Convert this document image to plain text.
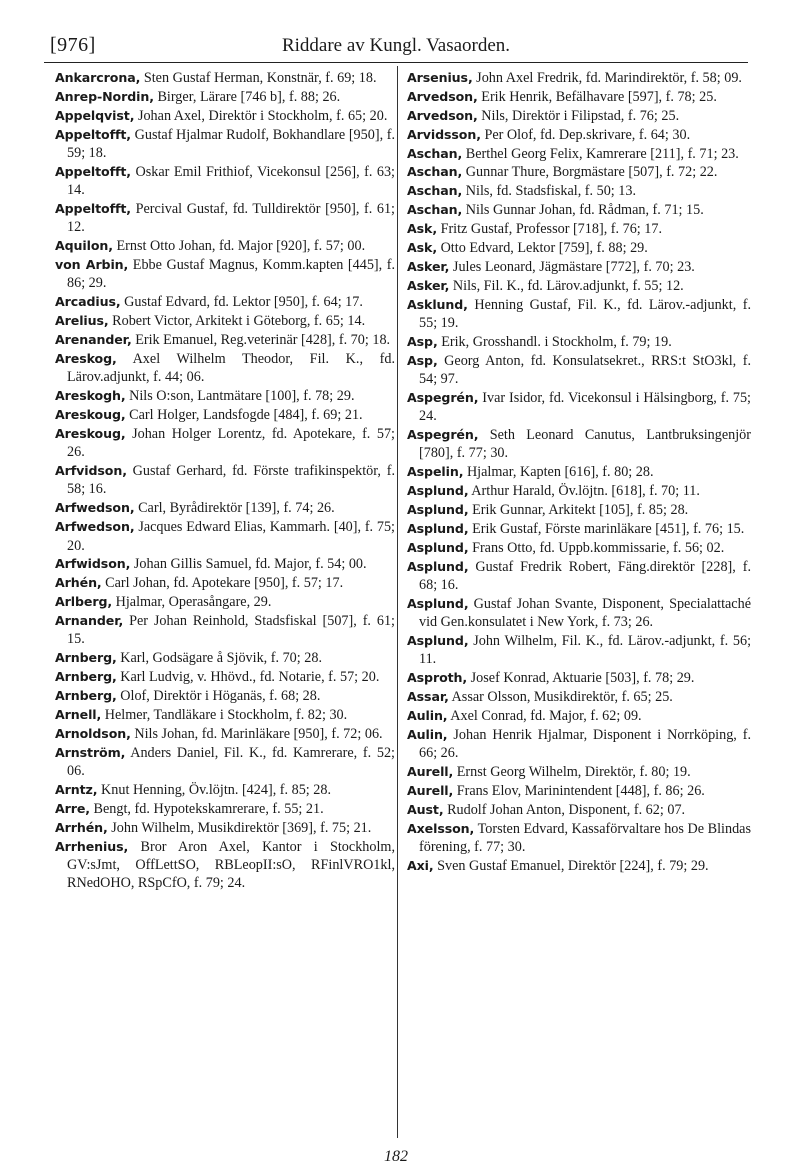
[976]	Riddare av Kungl. Vasaorden.
Ankarcrona, Sten Gustaf Herman, Konstnär, f. 69; 18.
Anrep-Nordin, Birger, Lärare [746 b], f. 88; 26.
Appelqvist, Johan Axel, Direktör i Stockholm, f. 65; 20.
Appeltofft, Gustaf Hjalmar Rudolf, Bokhandlare [950], f. 59; 18.
Appeltofft, Oskar Emil Frithiof, Vicekonsul [256], f. 63; 14.
Appeltofft, Percival Gustaf, fd. Tulldirektör [950], f. 61; 12.
Aquilon, Ernst Otto Johan, fd. Major [920], f. 57; 00.
von Arbin, Ebbe Gustaf Magnus, Komm.kapten [445], f. 86; 29.
Arcadius, Gustaf Edvard, fd. Lektor [950], f. 64; 17.
Arelius, Robert Victor, Arkitekt i Göteborg, f. 65; 14.
Arenander, Erik Emanuel, Reg.veterinär [428], f. 70; 18.
Areskog, Axel Wilhelm Theodor, Fil. K., fd. Lärov.adjunkt, f. 44; 06.
Areskogh, Nils O:son, Lantmätare [100], f. 78; 29.
Areskoug, Carl Holger, Landsfogde [484], f. 69; 21.
Areskoug, Johan Holger Lorentz, fd. Apotekare, f. 57; 26.
Arfvidson, Gustaf Gerhard, fd. Förste trafikinspektör, f. 58; 16.
Arfwedson, Carl, Byrådirektör [139], f. 74; 26.
Arfwedson, Jacques Edward Elias, Kammarh. [40], f. 75; 20.
Arfwidson, Johan Gillis Samuel, fd. Major, f. 54; 00.
Arhén, Carl Johan, fd. Apotekare [950], f. 57; 17.
Arlberg, Hjalmar, Operasångare, 29.
Arnander, Per Johan Reinhold, Stadsfiskal [507], f. 61; 15.
Arnberg, Karl, Godsägare å Sjövik, f. 70; 28.
Arnberg, Karl Ludvig, v. Hhövd., fd. Notarie, f. 57; 20.
Arnberg, Olof, Direktör i Höganäs, f. 68; 28.
Arnell, Helmer, Tandläkare i Stockholm, f. 82; 30.
Arnoldson, Nils Johan, fd. Marinläkare [950], f. 72; 06.
Arnström, Anders Daniel, Fil. K., fd. Kamrerare, f. 52; 06.
Arntz, Knut Henning, Öv.löjtn. [424], f. 85; 28.
Arre, Bengt, fd. Hypotekskamrerare, f. 55; 21.
Arrhén, John Wilhelm, Musikdirektör [369], f. 75; 21.
Arrhenius, Bror Aron Axel, Kantor i Stockholm, GV:sJmt, OffLettSO, RBLeopII:sO, RFinlVRO1kl, RNedOHO, RSpCfO, f. 79; 24.
Arsenius, John Axel Fredrik, fd. Marindirektör, f. 58; 09.
Arvedson, Erik Henrik, Befälhavare [597], f. 78; 25.
Arvedson, Nils, Direktör i Filipstad, f. 76; 25.
Arvidsson, Per Olof, fd. Dep.skrivare, f. 64; 30.
Aschan, Berthel Georg Felix, Kamrerare [211], f. 71; 23.
Aschan, Gunnar Thure, Borgmästare [507], f. 72; 22.
Aschan, Nils, fd. Stadsfiskal, f. 50; 13.
Aschan, Nils Gunnar Johan, fd. Rådman, f. 71; 15.
Ask, Fritz Gustaf, Professor [718], f. 76; 17.
Ask, Otto Edvard, Lektor [759], f. 88; 29.
Asker, Jules Leonard, Jägmästare [772], f. 70; 23.
Asker, Nils, Fil. K., fd. Lärov.adjunkt, f. 55; 12.
Asklund, Henning Gustaf, Fil. K., fd. Lärov.-adjunkt, f. 55; 19.
Asp, Erik, Grosshandl. i Stockholm, f. 79; 19.
Asp, Georg Anton, fd. Konsulatsekret., RRS:t StO3kl, f. 54; 97.
Aspegrén, Ivar Isidor, fd. Vicekonsul i Hälsingborg, f. 75; 24.
Aspegrén, Seth Leonard Canutus, Lantbruksingenjör [780], f. 77; 30.
Aspelin, Hjalmar, Kapten [616], f. 80; 28.
Asplund, Arthur Harald, Öv.löjtn. [618], f. 70; 11.
Asplund, Erik Gunnar, Arkitekt [105], f. 85; 28.
Asplund, Erik Gustaf, Förste marinläkare [451], f. 76; 15.
Asplund, Frans Otto, fd. Uppb.kommissarie, f. 56; 02.
Asplund, Gustaf Fredrik Robert, Fäng.direktör [228], f. 68; 16.
Asplund, Gustaf Johan Svante, Disponent, Specialattaché vid Gen.konsulatet i New York, f. 73; 26.
Asplund, John Wilhelm, Fil. K., fd. Lärov.-adjunkt, f. 56; 11.
Asproth, Josef Konrad, Aktuarie [503], f. 78; 29.
Assar, Assar Olsson, Musikdirektör, f. 65; 25.
Aulin, Axel Conrad, fd. Major, f. 62; 09.
Aulin, Johan Henrik Hjalmar, Disponent i Norrköping, f. 66; 26.
Aurell, Ernst Georg Wilhelm, Direktör, f. 80; 19.
Aurell, Frans Elov, Marinintendent [448], f. 86; 26.
Aust, Rudolf Johan Anton, Disponent, f. 62; 07.
Axelsson, Torsten Edvard, Kassaförvaltare hos De Blindas förening, f. 77; 30.
Axi, Sven Gustaf Emanuel, Direktör [224], f. 79; 29.
182
